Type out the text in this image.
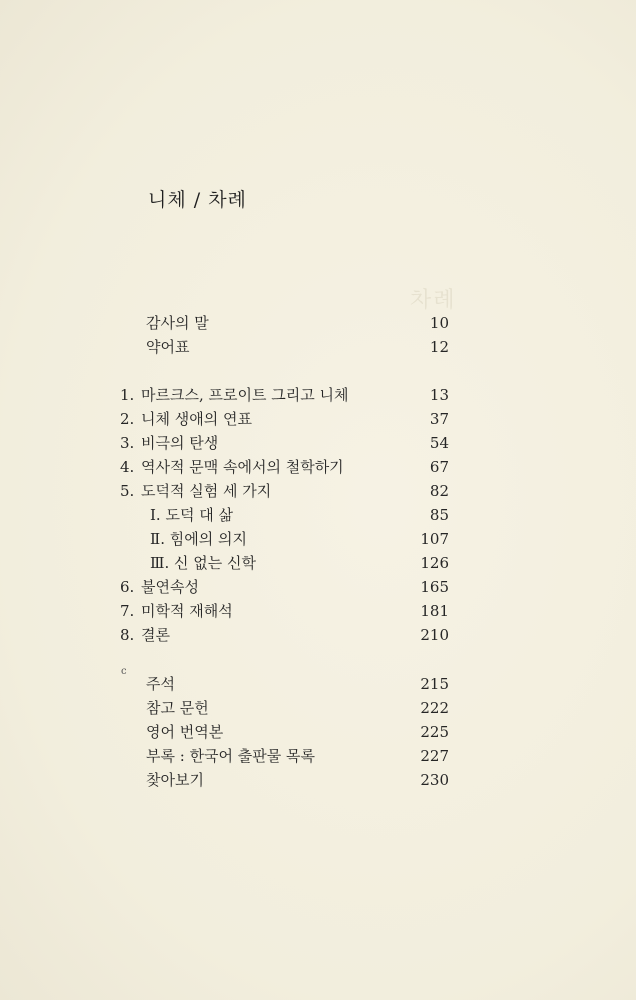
차례
니체 / 차례
감사의 말	10
약어표	12
1. 마르크스, 프로이트 그리고 니체	13
2. 니체 생애의 연표	37
3. 비극의 탄생	54
4. 역사적 문맥 속에서의 철학하기	67
5. 도덕적 실험 세 가지	82
Ⅰ. 도덕 대 삶	85
Ⅱ. 힘에의 의지	107
Ⅲ. 신 없는 신학	126
6. 불연속성	165
7. 미학적 재해석	181
8. 결론	210
c
주석	215
참고 문헌	222
영어 번역본	225
부록 : 한국어 출판물 목록	227
찾아보기	230
